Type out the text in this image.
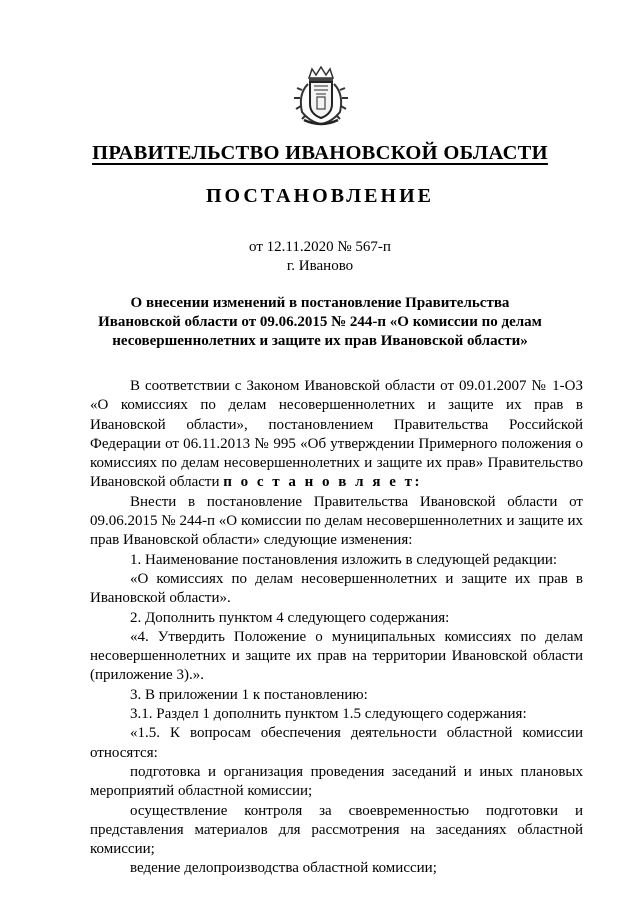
ПРАВИТЕЛЬСТВО ИВАНОВСКОЙ ОБЛАСТИ
ПОСТАНОВЛЕНИЕ
от 12.11.2020 № 567-п
г. Иваново
О внесении изменений в постановление Правительства
Ивановской области от 09.06.2015 № 244-п «О комиссии по делам
несовершеннолетних и защите их прав Ивановской области»

В соответствии с Законом Ивановской области от 09.01.2007 № 1-ОЗ «О комиссиях по делам несовершеннолетних и защите их прав в Ивановской области», постановлением Правительства Российской Федерации от 06.11.2013 № 995 «Об утверждении Примерного положения о комиссиях по делам несовершеннолетних и защите их прав» Правительство Ивановской области п о с т а н о в л я е т:

Внести в постановление Правительства Ивановской области от 09.06.2015 № 244-п «О комиссии по делам несовершеннолетних и защите их прав Ивановской области» следующие изменения:

1. Наименование постановления изложить в следующей редакции:

«О комиссиях по делам несовершеннолетних и защите их прав в Ивановской области».

2. Дополнить пунктом 4 следующего содержания:

«4. Утвердить Положение о муниципальных комиссиях по делам несовершеннолетних и защите их прав на территории Ивановской области (приложение 3).».

3. В приложении 1 к постановлению:

3.1. Раздел 1 дополнить пунктом 1.5 следующего содержания:

«1.5. К вопросам обеспечения деятельности областной комиссии относятся:

подготовка и организация проведения заседаний и иных плановых мероприятий областной комиссии;

осуществление контроля за своевременностью подготовки и представления материалов для рассмотрения на заседаниях областной комиссии;

ведение делопроизводства областной комиссии;
